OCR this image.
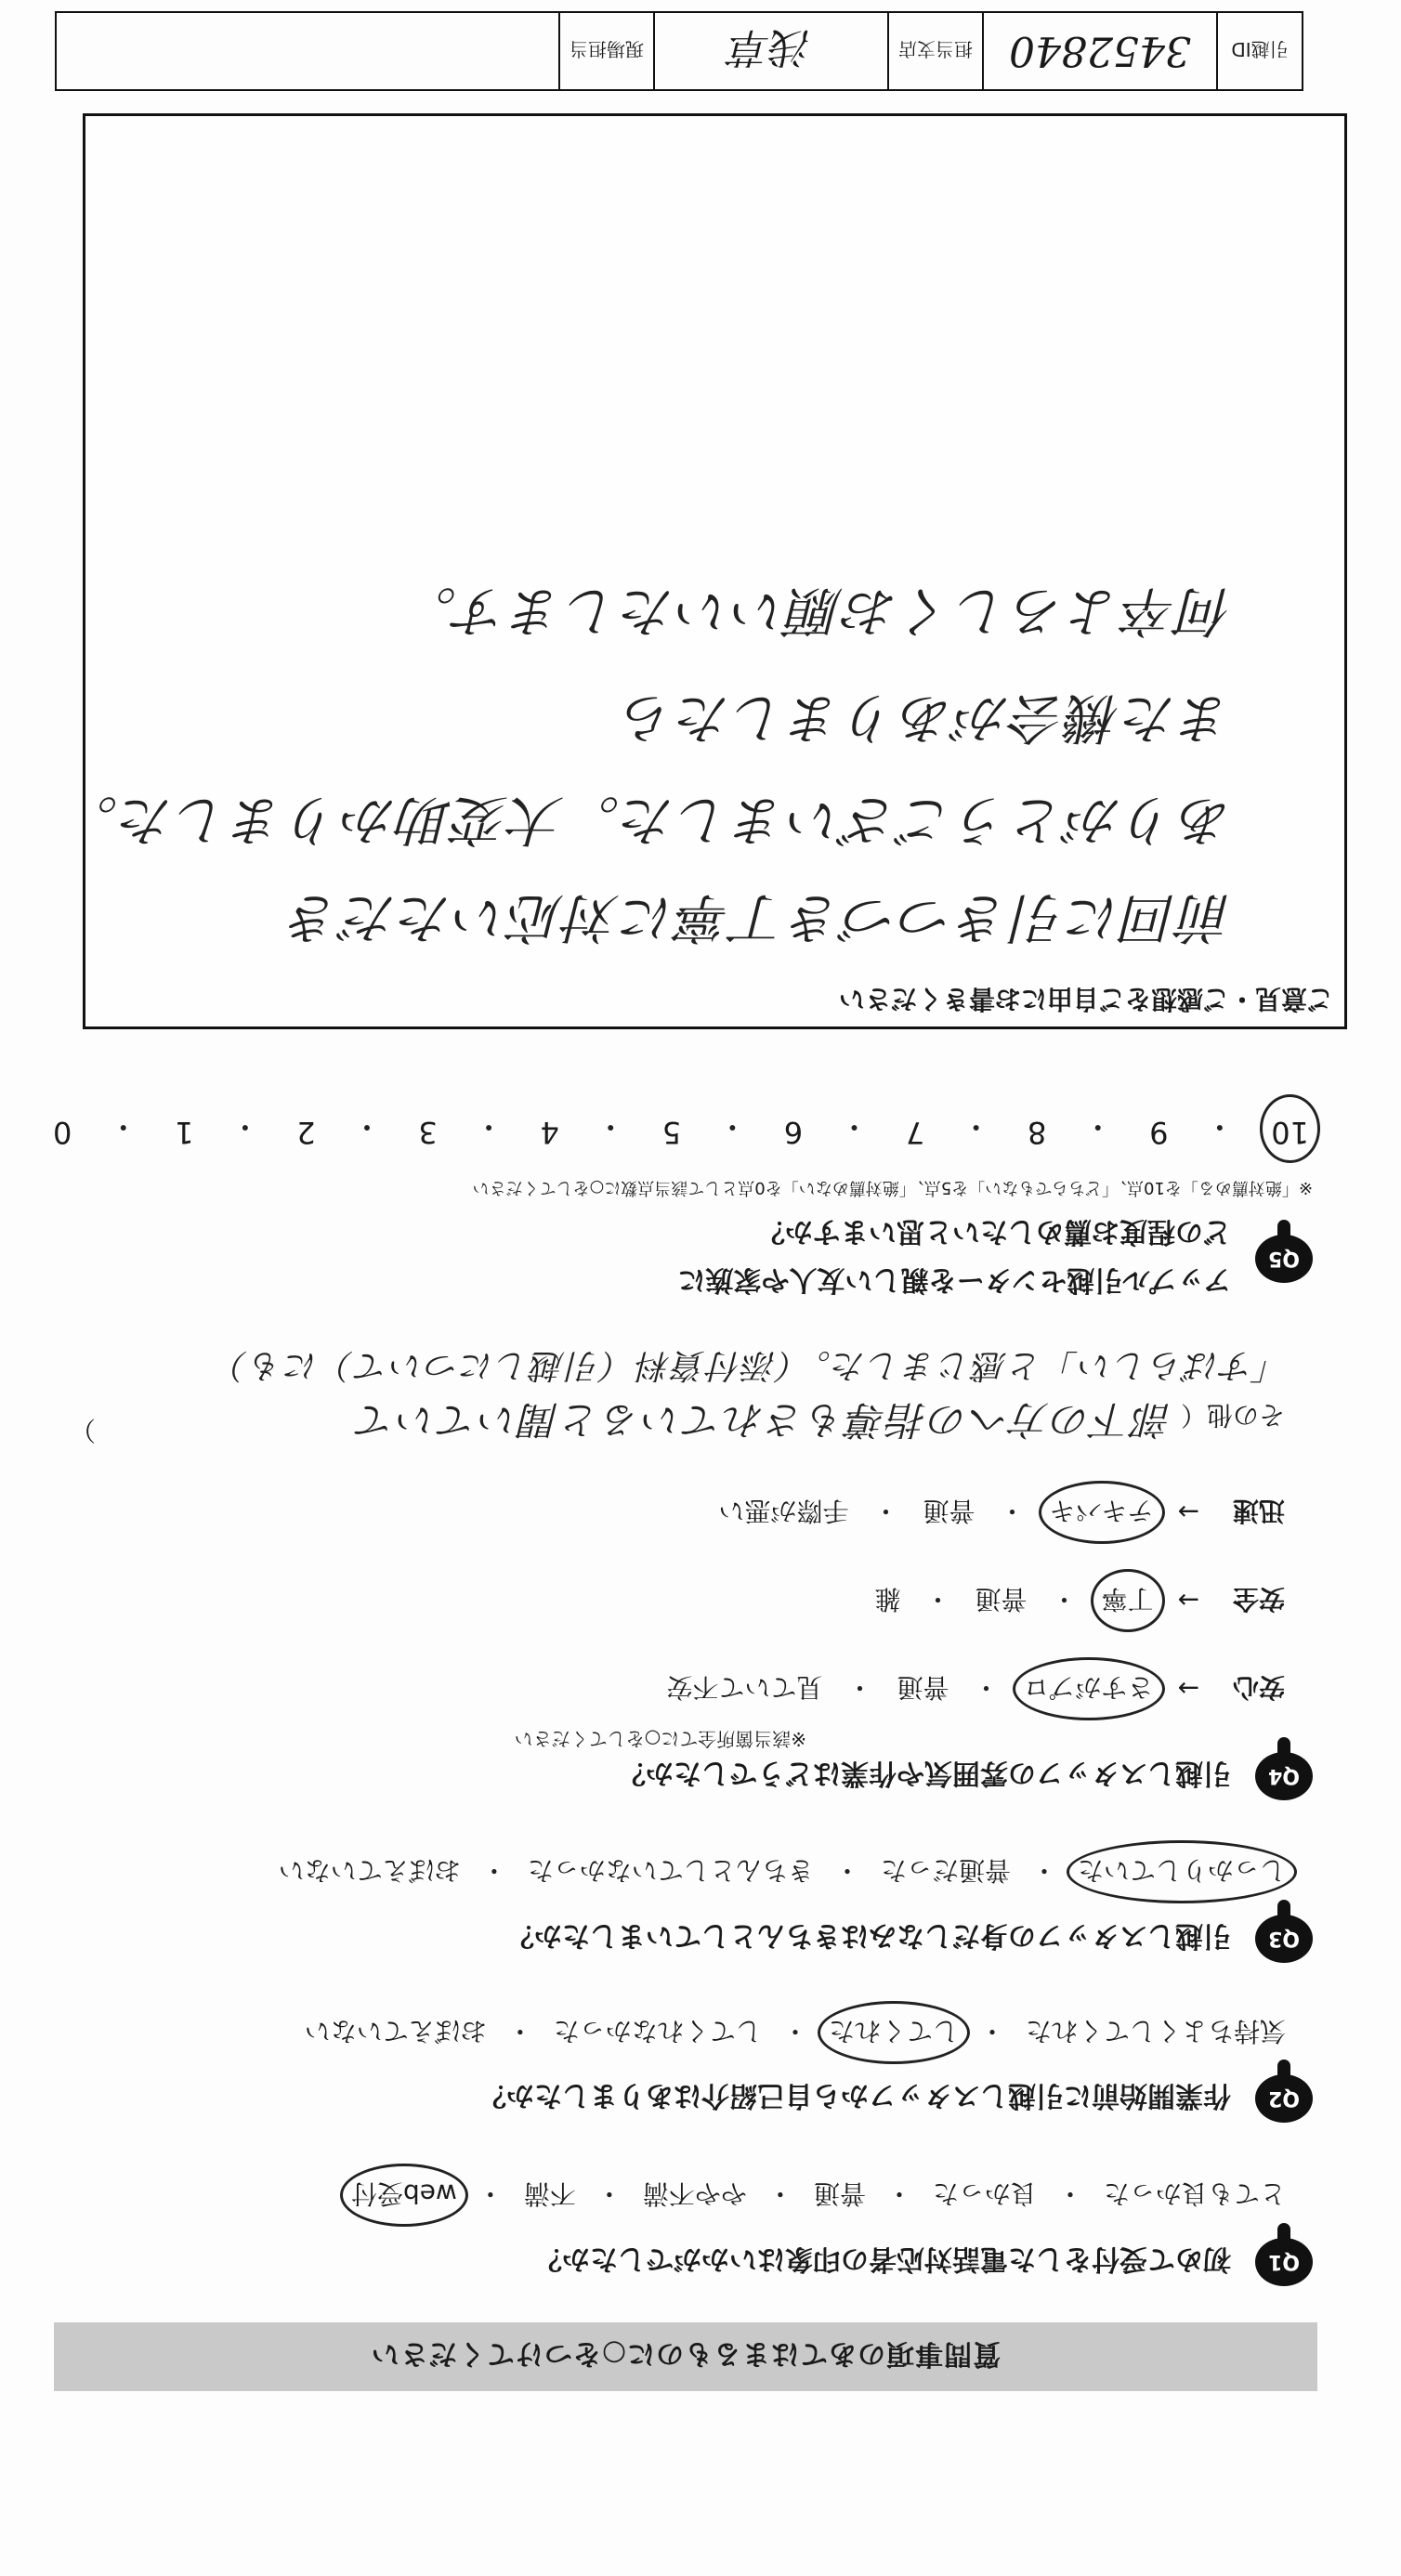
質問事項のあてはまるものに○をつけてください
Q1
初めて受付をした電話対応者の印象はいかがでしたか？
とても良かった
・
良かった
・
普通
・
やや不満
・
不満
・
web受付
Q2
作業開始前に引越しスタッフから自己紹介はありましたか？
気持ちよくしてくれた
・
してくれた
・
してくれなかった
・
おぼえていない
Q3
引越しスタッフの身だしなみはきちんとしていましたか？
しっかりしていた
・
普通だった
・
きちんとしていなかった
・
おぼえていない
Q4
引越しスタッフの雰囲気や作業はどうでしたか？
※該当箇所全てに○をしてください
安心
→
さすがプロ
・
普通
・
見ていて不安
安全
→
丁寧
・
普通
・
雑
迅速
→
テキパキ
・
普通
・
手際が悪い
その他（ 部下の方への指導もされていると聞いていて
）
「すばらしい」と感じました。（添付資料（引越しについて）にも）
Q5
アップル引越センターを親しい友人や家族に
どの程度お薦めしたいと思いますか？
※「絶対薦める」を10点、「どちらでもない」を5点、「絶対薦めない」を0点として該当点数に○をしてください
10
・
9
・
8
・
7
・
6
・
5
・
4
・
3
・
2
・
1
・
0
ご意見・ご感想をご自由にお書きください
前回に引きつづき丁寧に対応いただき
ありがとうございました。大変助かりました。
また機会がありましたら
何卒よろしくお願いいたします。
引越ID
3452840
担当支店
浅草
現場担当
